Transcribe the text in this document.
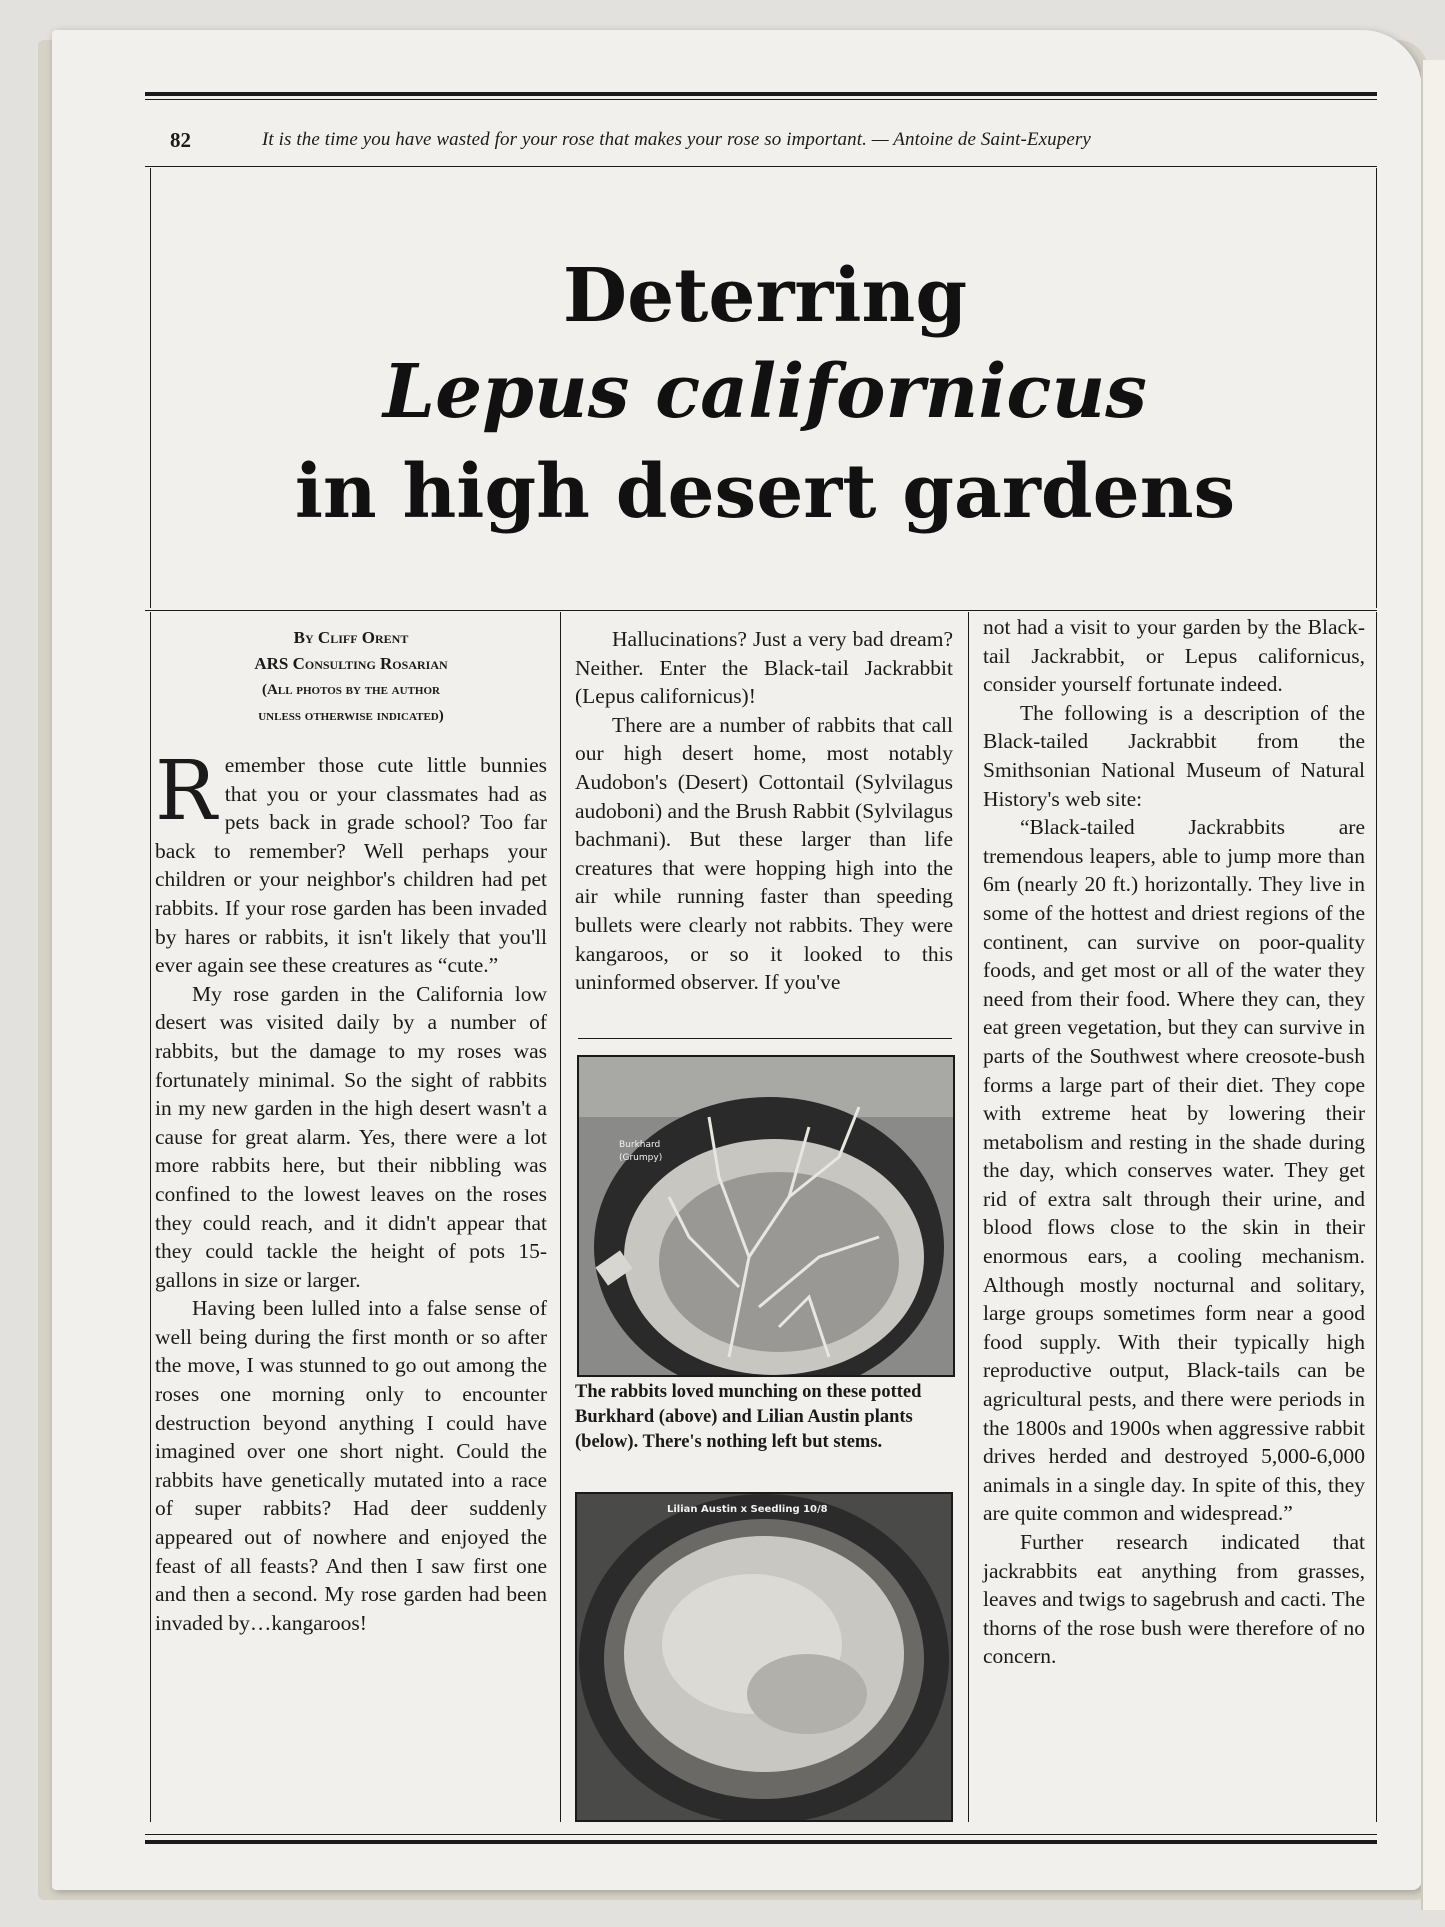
82	It is the time you have wasted for your rose that makes your rose so important. — Antoine de Saint-Exupery
Deterring
Lepus californicus
in high desert gardens
By Cliff Orent
ARS Consulting Rosarian
(All photos by the author
unless otherwise indicated)

Remember those cute little bunnies that you or your classmates had as pets back in grade school? Too far back to remember? Well perhaps your children or your neighbor's children had pet rabbits. If your rose garden has been invaded by hares or rabbits, it isn't likely that you'll ever again see these creatures as “cute.”

My rose garden in the California low desert was visited daily by a number of rabbits, but the damage to my roses was fortunately minimal. So the sight of rabbits in my new garden in the high desert wasn't a cause for great alarm. Yes, there were a lot more rabbits here, but their nibbling was confined to the lowest leaves on the roses they could reach, and it didn't appear that they could tackle the height of pots 15-gallons in size or larger.

Having been lulled into a false sense of well being during the first month or so after the move, I was stunned to go out among the roses one morning only to encounter destruction beyond anything I could have imagined over one short night. Could the rabbits have genetically mutated into a race of super rabbits? Had deer suddenly appeared out of nowhere and enjoyed the feast of all feasts? And then I saw first one and then a second. My rose garden had been invaded by…kangaroos!

Hallucinations? Just a very bad dream? Neither. Enter the Black-tail Jackrabbit (Lepus californicus)!

There are a number of rabbits that call our high desert home, most notably Audobon's (Desert) Cottontail (Sylvilagus audoboni) and the Brush Rabbit (Sylvilagus bachmani). But these larger than life creatures that were hopping high into the air while running faster than speeding bullets were clearly not rabbits. They were kangaroos, or so it looked to this uninformed observer. If you've

Burkhard
(Grumpy)
The rabbits loved munching on these potted Burkhard (above) and Lilian Austin plants (below). There's nothing left but stems.
Lilian Austin x Seedling 10/8

not had a visit to your garden by the Black-tail Jackrabbit, or Lepus californicus, consider yourself fortunate indeed.

The following is a description of the Black-tailed Jackrabbit from the Smithsonian National Museum of Natural History's web site:

“Black-tailed Jackrabbits are tremendous leapers, able to jump more than 6m (nearly 20 ft.) horizontally. They live in some of the hottest and driest regions of the continent, can survive on poor-quality foods, and get most or all of the water they need from their food. Where they can, they eat green vegetation, but they can survive in parts of the Southwest where creosote-bush forms a large part of their diet. They cope with extreme heat by lowering their metabolism and resting in the shade during the day, which conserves water. They get rid of extra salt through their urine, and blood flows close to the skin in their enormous ears, a cooling mechanism. Although mostly nocturnal and solitary, large groups sometimes form near a good food supply. With their typically high reproductive output, Black-tails can be agricultural pests, and there were periods in the 1800s and 1900s when aggressive rabbit drives herded and destroyed 5,000-6,000 animals in a single day. In spite of this, they are quite common and widespread.”

Further research indicated that jackrabbits eat anything from grasses, leaves and twigs to sagebrush and cacti. The thorns of the rose bush were therefore of no concern.
